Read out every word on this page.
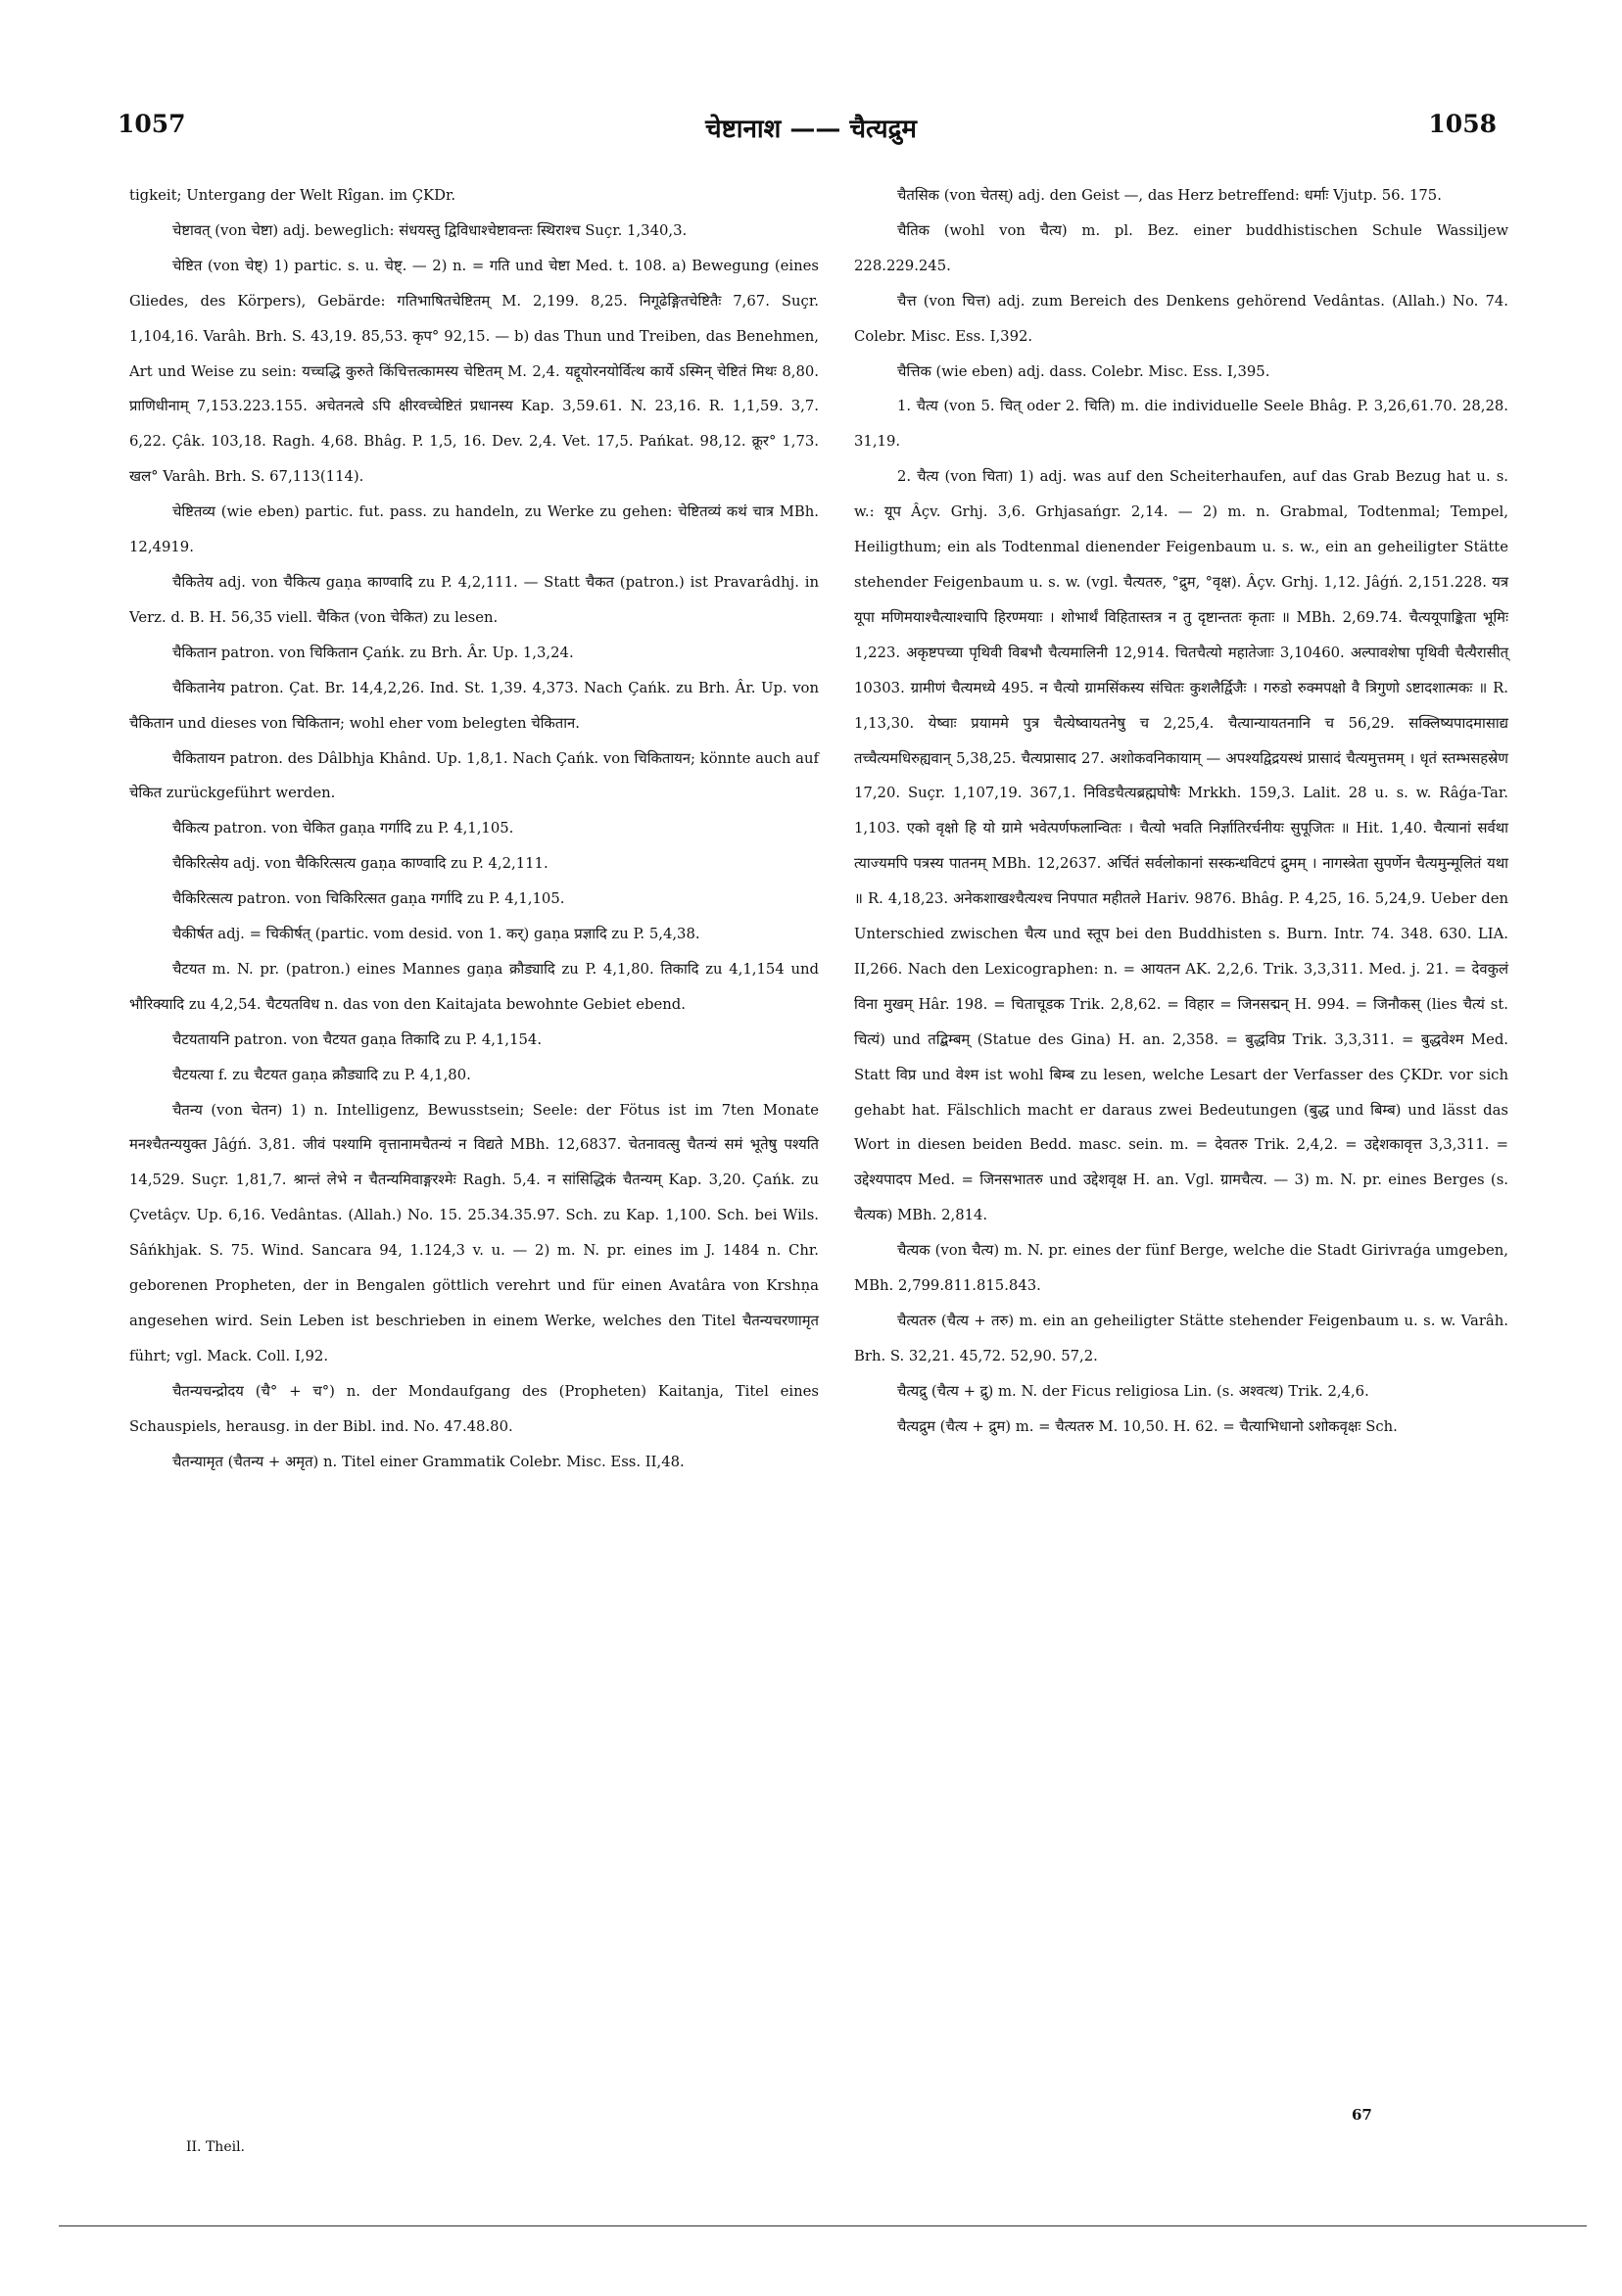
1057	चेष्टानाश —— चैत्यद्रुम	1058

tigkeit; Untergang der Welt Rîgan. im ÇKDr.

चेष्टावत् (von चेष्टा) adj. beweglich: संधयस्तु द्विविधाश्चेष्टावन्तः स्थिराश्च Suçr. 1,340,3.

चेष्टित (von चेष्ट्) 1) partic. s. u. चेष्ट्. — 2) n. = गति und चेष्टा Med. t. 108. a) Bewegung (eines Gliedes, des Körpers), Gebärde: गतिभाषितचेष्टितम् M. 2,199. 8,25. निगूढेङ्गितचेष्टितैः 7,67. Suçr. 1,104,16. Varâh. Brh. S. 43,19. 85,53. कृप° 92,15. — b) das Thun und Treiben, das Benehmen, Art und Weise zu sein: यच्चद्धि कुरुते किंचित्तत्कामस्य चेष्टितम् M. 2,4. यद्दूयोरनयोर्वित्थ कार्ये ऽस्मिन् चेष्टितं मिथः 8,80. प्राणिधीनाम् 7,153.223.155. अचेतनत्वे ऽपि क्षीरवच्चेष्टितं प्रधानस्य Kap. 3,59.61. N. 23,16. R. 1,1,59. 3,7. 6,22. Çâk. 103,18. Ragh. 4,68. Bhâg. P. 1,5, 16. Dev. 2,4. Vet. 17,5. Pańkat. 98,12. क्रूर° 1,73. खल° Varâh. Brh. S. 67,113(114).

चेष्टितव्य (wie eben) partic. fut. pass. zu handeln, zu Werke zu gehen: चेष्टितव्यं कथं चात्र MBh. 12,4919.

चैकितेय adj. von चैकित्य gaṇa काण्वादि zu P. 4,2,111. — Statt चैकत (patron.) ist Pravarâdhj. in Verz. d. B. H. 56,35 viell. चैकित (von चेकित) zu lesen.

चैकितान patron. von चिकितान Çańk. zu Brh. Âr. Up. 1,3,24.

चैकितानेय patron. Çat. Br. 14,4,2,26. Ind. St. 1,39. 4,373. Nach Çańk. zu Brh. Âr. Up. von चैकितान und dieses von चिकितान; wohl eher vom belegten चेकितान.

चैकितायन patron. des Dâlbhja Khând. Up. 1,8,1. Nach Çańk. von चिकितायन; könnte auch auf चेकित zurückgeführt werden.

चैकित्य patron. von चेकित gaṇa गर्गादि zu P. 4,1,105.

चैकिरित्सेय adj. von चैकिरित्सत्य gaṇa काण्वादि zu P. 4,2,111.

चैकिरित्सत्य patron. von चिकिरित्सत gaṇa गर्गादि zu P. 4,1,105.

चैकीर्षत adj. = चिकीर्षत् (partic. vom desid. von 1. कर्) gaṇa प्रज्ञादि zu P. 5,4,38.

चैटयत m. N. pr. (patron.) eines Mannes gaṇa क्रौड्यादि zu P. 4,1,80. तिकादि zu 4,1,154 und भौरिक्यादि zu 4,2,54. चैटयतविध n. das von den Kaitajata bewohnte Gebiet ebend.

चैटयतायनि patron. von चैटयत gaṇa तिकादि zu P. 4,1,154.

चैटयत्या f. zu चैटयत gaṇa क्रौड्यादि zu P. 4,1,80.

चैतन्य (von चेतन) 1) n. Intelligenz, Bewusstsein; Seele: der Fötus ist im 7ten Monate मनश्चैतन्ययुक्त Jâǵń. 3,81. जीवं पश्यामि वृत्तानामचैतन्यं न विद्यते MBh. 12,6837. चेतनावत्सु चैतन्यं समं भूतेषु पश्यति 14,529. Suçr. 1,81,7. श्रान्तं लेभे न चैतन्यमिवाङ्गरश्मेः Ragh. 5,4. न सांसिद्धिकं चैतन्यम् Kap. 3,20. Çańk. zu Çvetâçv. Up. 6,16. Vedântas. (Allah.) No. 15. 25.34.35.97. Sch. zu Kap. 1,100. Sch. bei Wils. Sâńkhjak. S. 75. Wind. Sancara 94, 1.124,3 v. u. — 2) m. N. pr. eines im J. 1484 n. Chr. geborenen Propheten, der in Bengalen göttlich verehrt und für einen Avatâra von Krshṇa angesehen wird. Sein Leben ist beschrieben in einem Werke, welches den Titel चैतन्यचरणामृत führt; vgl. Mack. Coll. I,92.

चैतन्यचन्द्रोदय (चै° + च°) n. der Mondaufgang des (Propheten) Kaitanja, Titel eines Schauspiels, herausg. in der Bibl. ind. No. 47.48.80.

चैतन्यामृत (चैतन्य + अमृत) n. Titel einer Grammatik Colebr. Misc. Ess. II,48.

चैतसिक (von चेतस्) adj. den Geist —, das Herz betreffend: धर्माः Vjutp. 56. 175.

चैतिक (wohl von चैत्य) m. pl. Bez. einer buddhistischen Schule Wassiljew 228.229.245.

चैत्त (von चित्त) adj. zum Bereich des Denkens gehörend Vedântas. (Allah.) No. 74. Colebr. Misc. Ess. I,392.

चैत्तिक (wie eben) adj. dass. Colebr. Misc. Ess. I,395.

1. चैत्य (von 5. चित् oder 2. चिति) m. die individuelle Seele Bhâg. P. 3,26,61.70. 28,28. 31,19.

2. चैत्य (von चिता) 1) adj. was auf den Scheiterhaufen, auf das Grab Bezug hat u. s. w.: यूप Âçv. Grhj. 3,6. Grhjasańgr. 2,14. — 2) m. n. Grabmal, Todtenmal; Tempel, Heiligthum; ein als Todtenmal dienender Feigenbaum u. s. w., ein an geheiligter Stätte stehender Feigenbaum u. s. w. (vgl. चैत्यतरु, °द्रुम, °वृक्ष). Âçv. Grhj. 1,12. Jâǵń. 2,151.228. यत्र यूपा मणिमयाश्चैत्याश्चापि हिरण्मयाः । शोभार्थं विहितास्तत्र न तु दृष्टान्ततः कृताः ॥ MBh. 2,69.74. चैत्ययूपाङ्किता भूमिः 1,223. अकृष्टपच्या पृथिवी विबभौ चैत्यमालिनी 12,914. चितचैत्यो महातेजाः 3,10460. अल्पावशेषा पृथिवी चैत्यैरासीत् 10303. ग्रामीणं चैत्यमध्ये 495. न चैत्यो ग्रामसिंकस्य संचितः कुशलैर्द्विजैः । गरुडो रुक्मपक्षो वै त्रिगुणो ऽष्टादशात्मकः ॥ R. 1,13,30. येष्वाः प्रयाममे पुत्र चैत्येष्वायतनेषु च 2,25,4. चैत्यान्यायतनानि च 56,29. सक्लिष्यपादमासाद्य तच्चैत्यमधिरुह्यवान् 5,38,25. चैत्यप्रासाद 27. अशोकवनिकायाम् — अपश्यद्विद्रयस्थं प्रासादं चैत्यमुत्तमम् । धृतं स्तम्भसहस्रेण 17,20. Suçr. 1,107,19. 367,1. निविडचैत्यब्रह्मघोषैः Mrkkh. 159,3. Lalit. 28 u. s. w. Râǵa-Tar. 1,103. एको वृक्षो हि यो ग्रामे भवेत्पर्णफलान्वितः । चैत्यो भवति निर्ज्ञातिरर्चनीयः सुपूजितः ॥ Hit. 1,40. चैत्यानां सर्वथा त्याज्यमपि पत्रस्य पातनम् MBh. 12,2637. अर्चितं सर्वलोकानां सस्कन्धविटपं द्रुमम् । नागस्त्रेता सुपर्णेन चैत्यमुन्मूलितं यथा ॥ R. 4,18,23. अनेकशाखश्चैत्यश्च निपपात महीतले Hariv. 9876. Bhâg. P. 4,25, 16. 5,24,9. Ueber den Unterschied zwischen चैत्य und स्तूप bei den Buddhisten s. Burn. Intr. 74. 348. 630. LIA. II,266. Nach den Lexicographen: n. = आयतन AK. 2,2,6. Trik. 3,3,311. Med. j. 21. = देवकुलं विना मुखम् Hâr. 198. = चिताचूडक Trik. 2,8,62. = विहार = जिनसद्मन् H. 994. = जिनौकस् (lies चैत्यं st. चित्यं) und तद्बिम्बम् (Statue des Gina) H. an. 2,358. = बुद्धविप्र Trik. 3,3,311. = बुद्धवेश्म Med. Statt विप्र und वेश्म ist wohl बिम्ब zu lesen, welche Lesart der Verfasser des ÇKDr. vor sich gehabt hat. Fälschlich macht er daraus zwei Bedeutungen (बुद्ध und बिम्ब) und lässt das Wort in diesen beiden Bedd. masc. sein. m. = देवतरु Trik. 2,4,2. = उद्देशकावृत्त 3,3,311. = उद्देश्यपादप Med. = जिनसभातरु und उद्देशवृक्ष H. an. Vgl. ग्रामचैत्य. — 3) m. N. pr. eines Berges (s. चैत्यक) MBh. 2,814.

चैत्यक (von चैत्य) m. N. pr. eines der fünf Berge, welche die Stadt Girivraǵa umgeben, MBh. 2,799.811.815.843.

चैत्यतरु (चैत्य + तरु) m. ein an geheiligter Stätte stehender Feigenbaum u. s. w. Varâh. Brh. S. 32,21. 45,72. 52,90. 57,2.

चैत्यद्रु (चैत्य + द्रु) m. N. der Ficus religiosa Lin. (s. अश्वत्थ) Trik. 2,4,6.

चैत्यद्रुम (चैत्य + द्रुम) m. = चैत्यतरु M. 10,50. H. 62. = चैत्याभिधानो ऽशोकवृक्षः Sch.

II. Theil.
67
